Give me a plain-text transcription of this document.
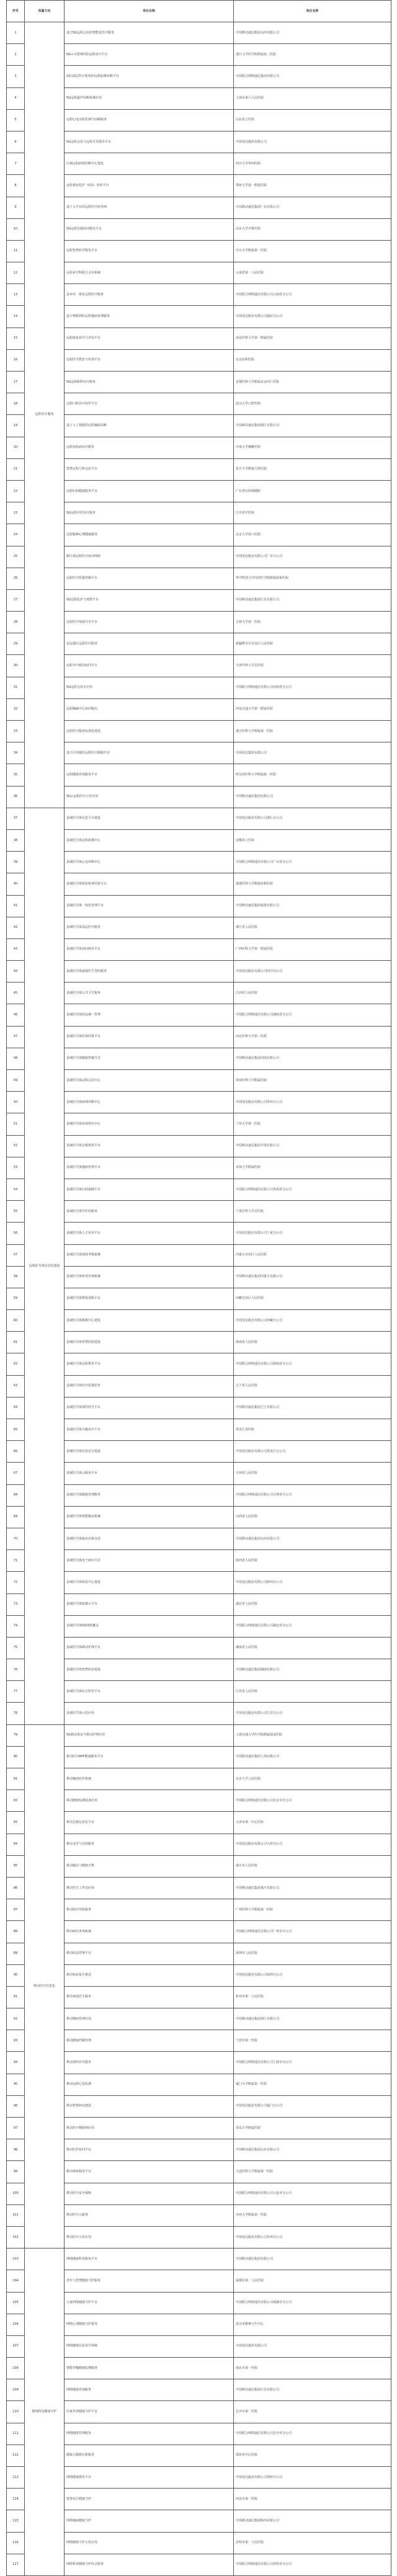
序号	所属方向	项目名称	单位名称
1	远程医疗服务	基于5G远程会诊的智能化医疗服务	中国移动通信集团山西有限公司
2		5G+互联网医院远程诊疗平台	浙江大学医学院附属第二医院
3		面向基层医疗机构的远程影像诊断平台	中国联合网络通信集团有限公司
4		5G远程超声诊断系统应用	上海市第六人民医院
5		远程心电实时监测与诊断服务	山东省立医院
6		5G远程会诊与远程手术指导平台	中国电信集团有限公司
7		区域远程病理诊断中心建设	四川大学华西医院
8		远程重症监护（ICU）协同平台	郑州大学第一附属医院
9		基于云平台的远程医疗协作网	中国移动通信集团广东有限公司
10		5G远程急救协同救治平台	山东大学齐鲁医院
11		远程智慧药学服务平台	中山大学附属第一医院
12		远程多学科联合会诊系统	云南省第一人民医院
13		县乡村一体化远程医疗服务	中国联合网络通信有限公司云南省分公司
14		基于物联网的远程慢病管理服务	中国电信股份有限公司湖北分公司
15		远程康复指导与评估平台	南京医科大学第一附属医院
16		远程医学教育与培训平台	北京协和医院
17		5G远程眼科诊疗服务	首都医科大学附属北京同仁医院
18		远程口腔诊疗协作平台	武汉大学口腔医院
19		基于人工智能的远程辅助诊断	中国移动通信集团浙江有限公司
20		远程皮肤病诊疗服务	中南大学湘雅医院
21		智慧远程儿科会诊平台	复旦大学附属儿科医院
22		远程妇幼健康服务平台	广东省妇幼保健院
23		5G远程中医诊疗服务	江苏省中医院
24		远程精神心理健康服务	北京大学第六医院
25		跨区域远程医疗协同网络	中国电信股份有限公司广东分公司
26		远程医疗质量控制平台	华中科技大学同济医学院附属协和医院
27		5G远程监护与预警平台	中国移动通信集团江苏有限公司
28		远程医疗资源共享平台	吉林大学第一医院
29		边远地区远程医疗服务	新疆维吾尔自治区人民医院
30		远程卒中救治协同平台	天津医科大学总医院
31		5G远程会诊车应用	中国联合网络通信有限公司河南省分公司
32		远程胸痛中心协同救治	西安交通大学第一附属医院
33		远程医疗服务标准化建设	重庆医科大学附属第一医院
34		基于区块链的远程医疗数据共享	中国电信集团有限公司
35		远程健康咨询服务平台	哈尔滨医科大学附属第一医院
36		5G+远程医疗示范应用	中国移动通信集团有限公司
37	县域医共体信息化建设	县域医共体信息平台建设	中国电信股份有限公司浙江分公司
38		县域医共体远程影像中心	安徽省立医院
39		县域医共体心电诊断中心	中国联合网络通信有限公司广东省分公司
40		县域医共体检验检查结果互认	福建医科大学附属协和医院
41		县域医共体一体化管理平台	中国移动通信集团福建有限公司
42		县域医共体基层医疗服务	浙江省人民医院
43		县域医共体双向转诊平台	广西医科大学第一附属医院
44		县域医共体家庭医生签约服务	中国电信股份有限公司四川分公司
45		县域医共体公共卫生服务	江西省人民医院
46		县域医共体药品统一管理	中国联合网络通信有限公司湖南省分公司
47		县域医共体医保结算平台	河北医科大学第二医院
48		县域医共体健康档案共享	中国移动通信集团河南有限公司
49		县域医共体远程会诊中心	贵州医科大学附属医院
50		县域医共体病理诊断中心	中国电信股份有限公司贵州分公司
51		县域医共体消毒供应中心	兰州大学第一医院
52		县域医共体急救指挥平台	中国移动通信集团甘肃有限公司
53		县域医共体慢病管理平台	青海大学附属医院
54		县域医共体妇幼保健平台	中国联合网络通信有限公司青海省分公司
55		县域医共体中医药服务	宁夏医科大学总医院
56		县域医共体人才培养平台	中国电信股份有限公司宁夏分公司
57		县域医共体绩效考核系统	内蒙古自治区人民医院
58		县域医共体财务管理系统	中国移动通信集团内蒙古有限公司
59		县域医共体物资采购平台	西藏自治区人民医院
60		县域医共体数据中心建设	中国电信股份有限公司西藏分公司
61		县域医共体智慧医院建设	海南省人民医院
62		县域医共体远程教育平台	中国联合网络通信有限公司海南省分公司
63		县域医共体医疗质量监管	辽宁省人民医院
64		县域医共体预约挂号平台	中国移动通信集团辽宁有限公司
65		县域医共体分级诊疗平台	黑龙江省医院
66		县域医共体信息安全建设	中国电信股份有限公司黑龙江分公司
67		县域医共体云服务平台	吉林省人民医院
68		县域医共体健康管理服务	中国联合网络通信有限公司吉林省分公司
69		县域医共体智能随访系统	山西省人民医院
70		县域医共体临床决策支持	中国移动通信集团山西有限公司
71		县域医共体电子病历共享	陕西省人民医院
72		县域医共体检验中心建设	中国电信股份有限公司陕西分公司
73		县域医共体影像云平台	湖北省人民医院
74		县域医共体5G网络覆盖	中国联合网络通信有限公司湖北省分公司
75		县域医共体移动护理平台	湖南省人民医院
76		县域医共体智慧药房建设	中国移动通信集团湖南有限公司
77		县域医共体综合监管平台	江苏省人民医院
78		县域医共体示范应用	中国电信股份有限公司江苏分公司
79	移动医疗信息化	5G移动查房与移动护理应用	上海交通大学医学院附属瑞金医院
80		移动医疗APP健康服务平台	中国移动通信集团上海有限公司
81		移动输液监控系统	北京大学人民医院
82		移动健康监测设备应用	中国联合网络通信有限公司北京市分公司
83		移动急救信息化平台	天津市第一中心医院
84		移动支付与自助服务	中国电信股份有限公司天津分公司
85		移动随访与健康宣教	重庆市人民医院
86		移动医生工作站应用	中国移动通信集团重庆有限公司
87		移动院内导航服务	广州医科大学附属第一医院
88		移动病历查询系统	中国联合网络通信有限公司广州市分公司
89		移动药品管理平台	深圳市人民医院
90		移动检验报告推送	中国电信股份有限公司深圳分公司
91		移动家庭医生服务	杭州市第一人民医院
92		移动慢病管理应用	中国移动通信集团浙江有限公司
93		移动健康档案管理	宁波市第一医院
94		移动预约挂号服务	中国联合网络通信有限公司宁波市分公司
95		移动远程心电监测	厦门大学附属第一医院
96		移动智慧病房建设	中国电信股份有限公司厦门分公司
97		移动医疗物联网应用	青岛大学附属医院
98		移动医护协同平台	中国移动通信集团山东有限公司
99		移动体检服务平台	大连医科大学附属第一医院
100		移动医疗安全保障	中国联合网络通信有限公司大连市分公司
101		移动医疗云服务	苏州大学附属第一医院
102		移动医疗示范应用	中国电信股份有限公司苏州分公司
103	网络科技健康守护	网络健康科普服务平台	中国移动通信集团有限公司
104		老年人智慧健康守护服务	成都市第一人民医院
105		儿童网络健康守护平台	中国联合网络通信有限公司成都市分公司
106		网络心理健康守护服务	武汉市精神卫生中心
107		网络健康信息安全保障	中国电信集团有限公司
108		智能穿戴健康监测服务	南京市第一医院
109		网络健康咨询服务	中国移动通信集团江苏有限公司
110		居家养老健康守护平台	长沙市第一医院
111		网络健康管理服务	中国联合网络通信有限公司长沙市分公司
112		健康大数据分析服务	郑州市中心医院
113		网络健康教育平台	中国电信股份有限公司郑州分公司
114		智慧社区健康守护	西安市第一医院
115		网络慢病健康守护	中国移动通信集团陕西有限公司
116		网络健康守护示范应用	昆明市第一人民医院
117		网络科技健康守护综合服务	中国联合网络通信有限公司昆明市分公司
